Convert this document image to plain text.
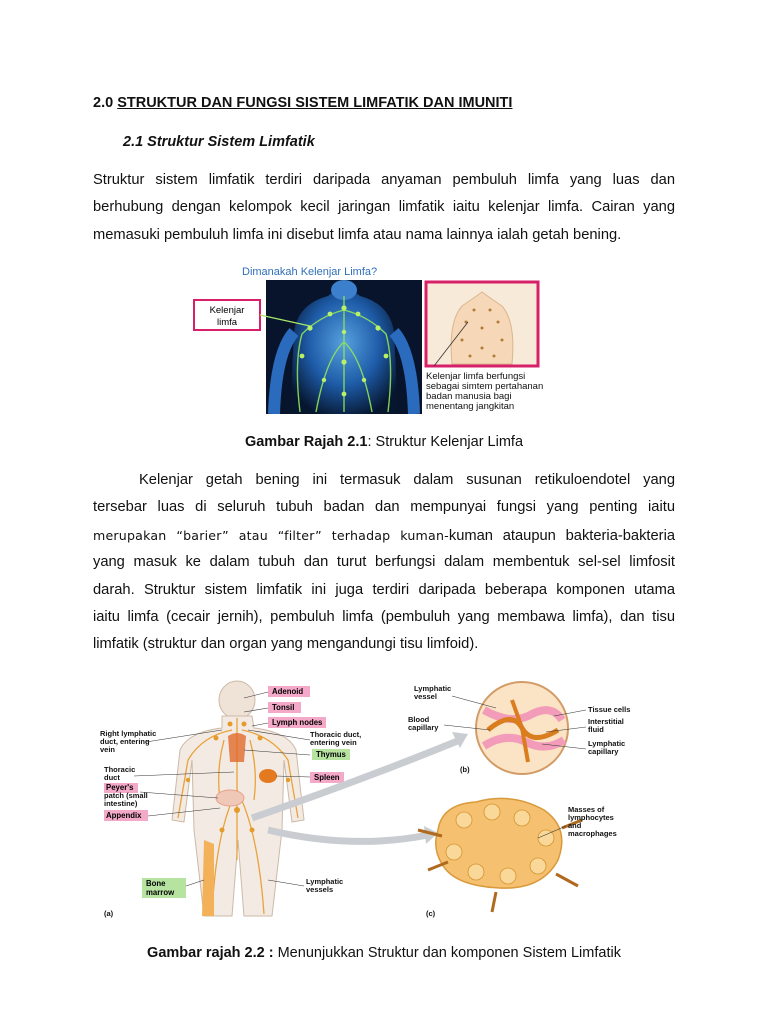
2.0 STRUKTUR DAN FUNGSI SISTEM LIMFATIK DAN IMUNITI
2.1 Struktur Sistem Limfatik
Struktur sistem limfatik terdiri daripada anyaman pembuluh limfa yang luas dan
berhubung dengan kelompok kecil jaringan limfatik iaitu kelenjar limfa. Cairan yang
memasuki pembuluh limfa ini disebut limfa atau nama lainnya ialah getah bening.
Dimanakah Kelenjar Limfa?
Kelenjar
limfa
Kelenjar limfa berfungsi
sebagai simtem pertahanan
badan manusia bagi
menentang jangkitan
Gambar Rajah 2.1: Struktur Kelenjar Limfa
Kelenjar getah bening ini termasuk dalam susunan retikuloendotel yang
tersebar luas di seluruh tubuh badan dan mempunyai fungsi yang penting iaitu
merupakan “barier” atau “filter” terhadap kuman-kuman ataupun bakteria-bakteria
yang masuk ke dalam tubuh dan turut berfungsi dalam membentuk sel-sel limfosit
darah. Struktur sistem limfatik ini juga terdiri daripada beberapa komponen utama
iaitu limfa (cecair jernih), pembuluh limfa (pembuluh yang membawa limfa), dan tisu
limfatik (struktur dan organ yang mengandungi tisu limfoid).
Adenoid
Tonsil
Lymph nodes
Spleen
Peyer's
Appendix
Thymus
Bone
marrow
patch (small
intestine)
Right lymphatic
duct, entering
vein
Thoracic
duct
Thoracic duct,
entering vein
Lymphatic
vessels
Lymphatic
vessel
Blood
capillary
Tissue cells
Interstitial
fluid
Lymphatic
capillary
(b)
Masses of
lymphocytes
and
macrophages
(a)	(c)
Gambar rajah 2.2 : Menunjukkan Struktur dan komponen Sistem Limfatik
